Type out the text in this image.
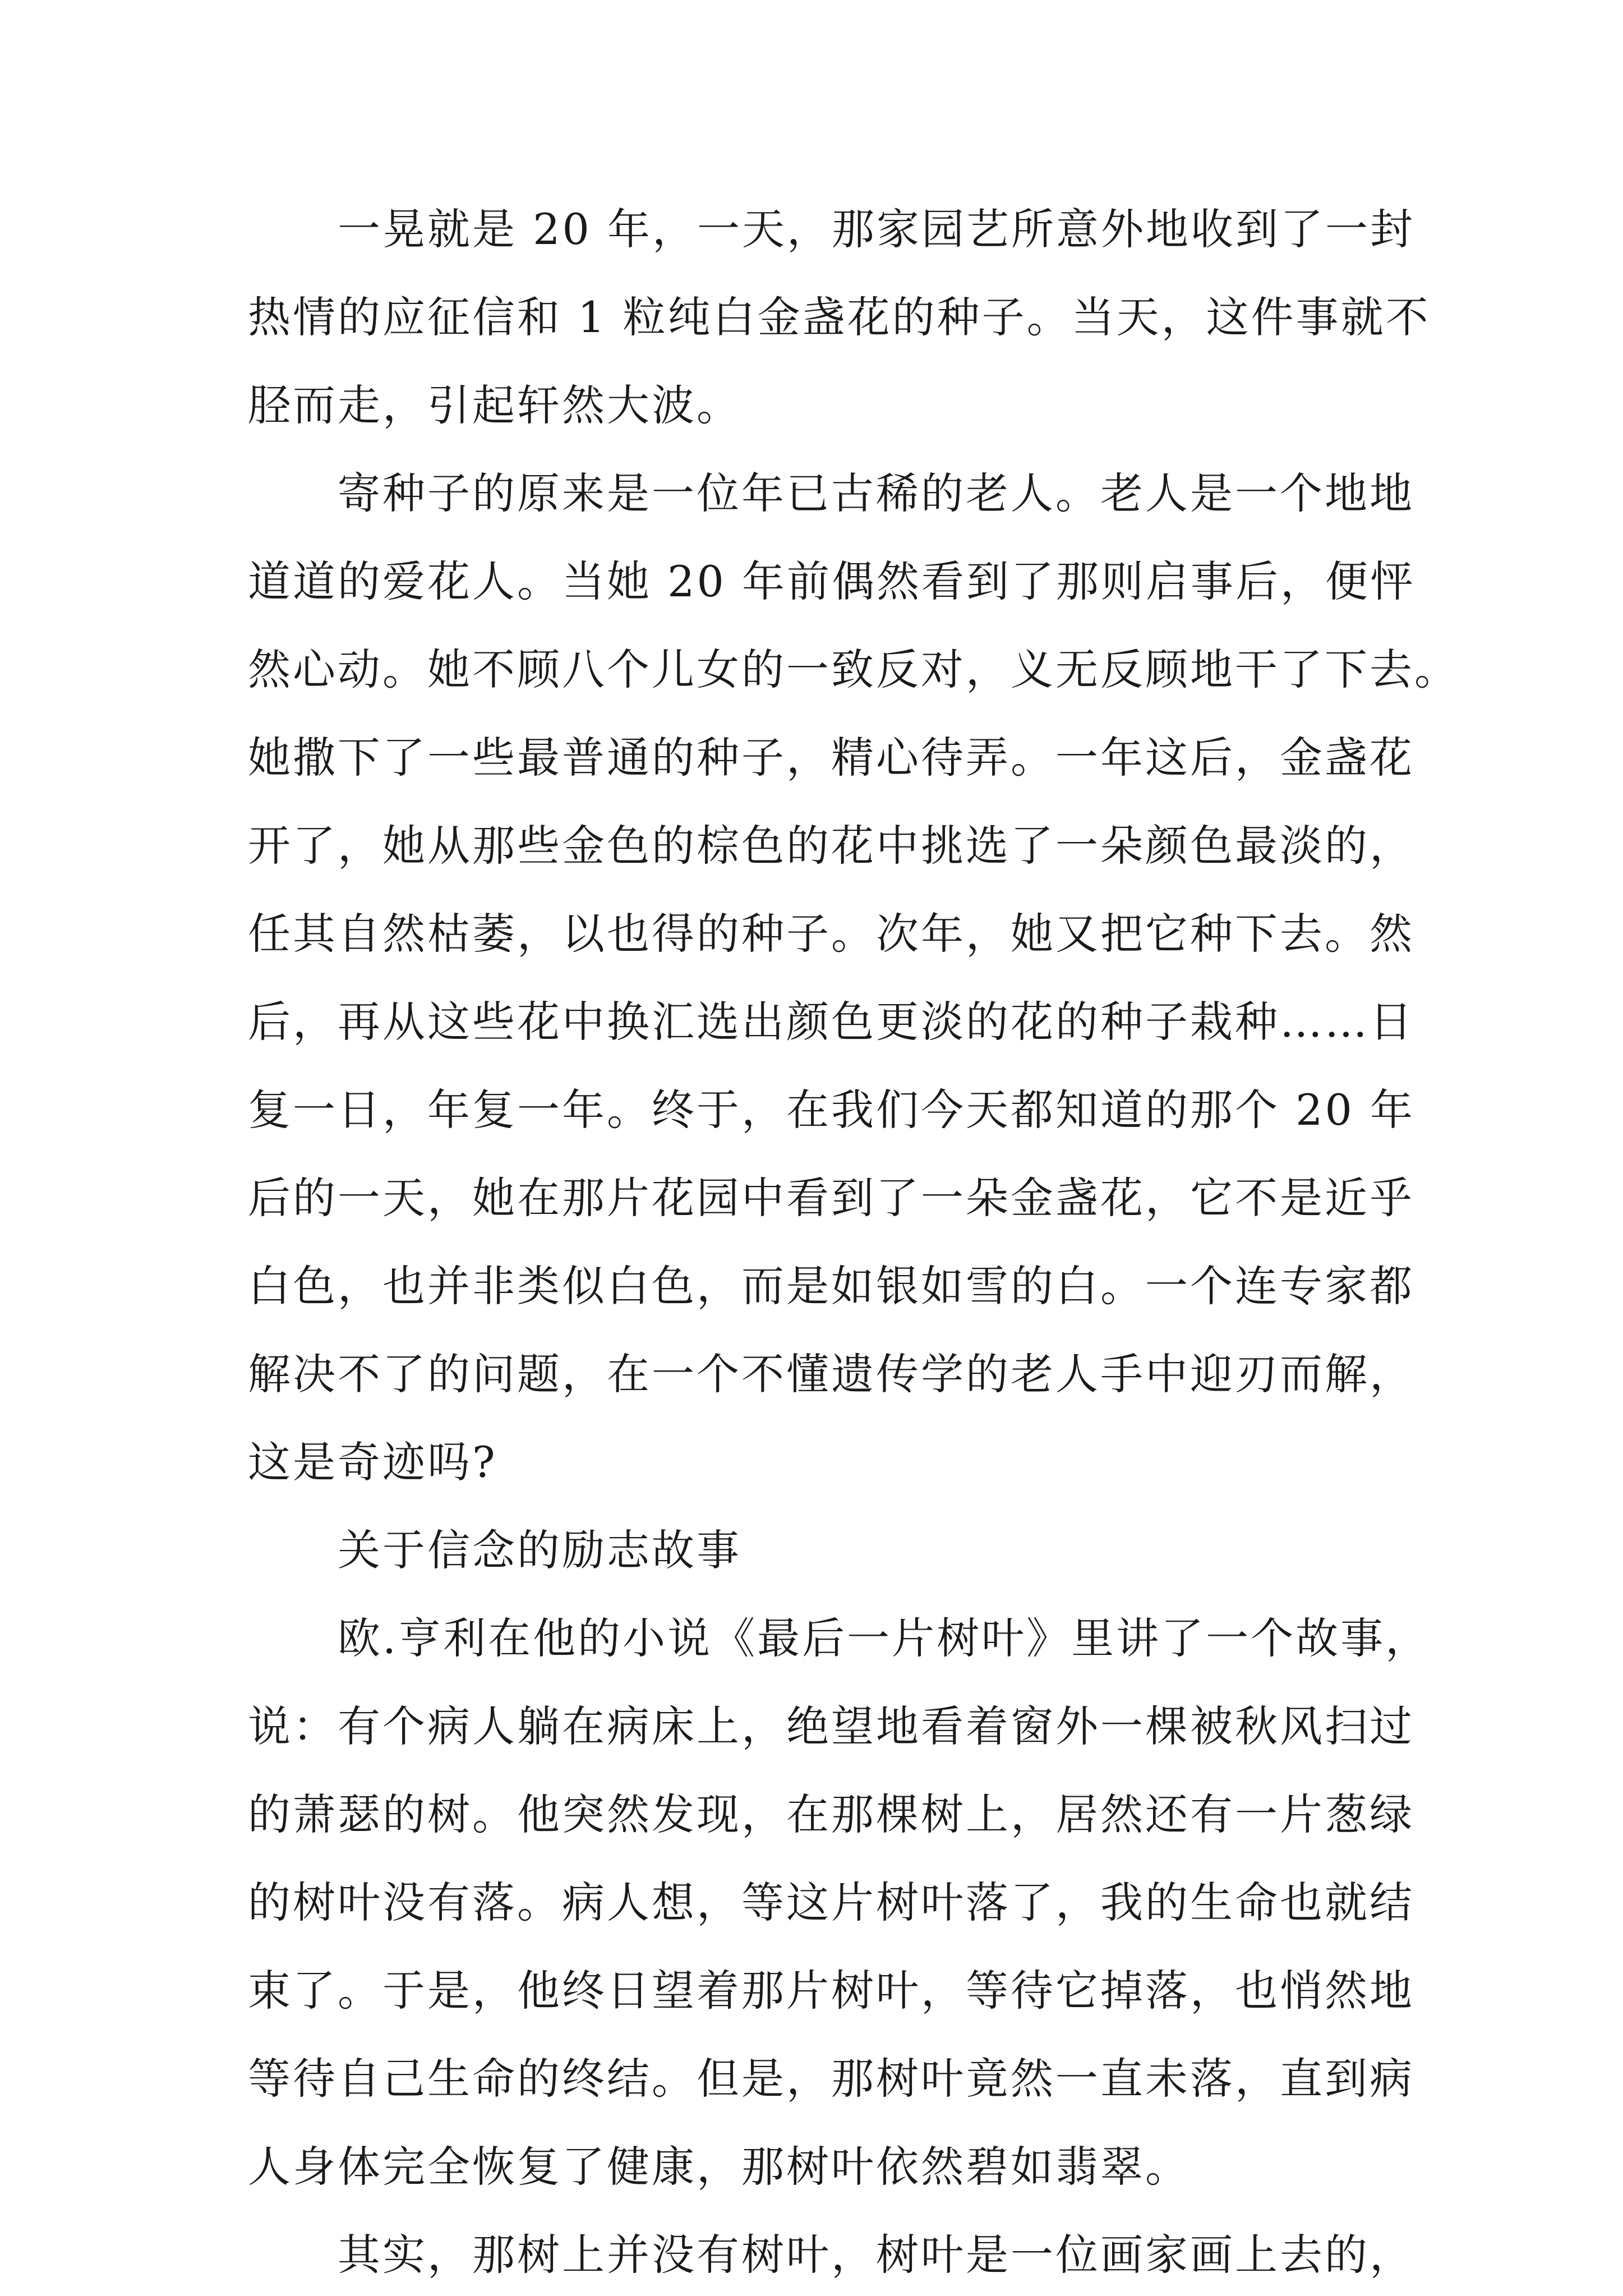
一晃就是 20 年，一天，那家园艺所意外地收到了一封
热情的应征信和 1 粒纯白金盏花的种子。当天，这件事就不
胫而走，引起轩然大波。
寄种子的原来是一位年已古稀的老人。老人是一个地地
道道的爱花人。当她 20 年前偶然看到了那则启事后，便怦
然心动。她不顾八个儿女的一致反对，义无反顾地干了下去。
她撒下了一些最普通的种子，精心待弄。一年这后，金盏花
开了，她从那些金色的棕色的花中挑选了一朵颜色最淡的，
任其自然枯萎，以也得的种子。次年，她又把它种下去。然
后，再从这些花中换汇选出颜色更淡的花的种子栽种……日
复一日，年复一年。终于，在我们今天都知道的那个 20 年
后的一天，她在那片花园中看到了一朵金盏花，它不是近乎
白色，也并非类似白色，而是如银如雪的白。一个连专家都
解决不了的问题，在一个不懂遗传学的老人手中迎刃而解，
这是奇迹吗?
关于信念的励志故事
欧.亨利在他的小说《最后一片树叶》里讲了一个故事，
说：有个病人躺在病床上，绝望地看着窗外一棵被秋风扫过
的萧瑟的树。他突然发现，在那棵树上，居然还有一片葱绿
的树叶没有落。病人想，等这片树叶落了，我的生命也就结
束了。于是，他终日望着那片树叶，等待它掉落，也悄然地
等待自己生命的终结。但是，那树叶竟然一直未落，直到病
人身体完全恢复了健康，那树叶依然碧如翡翠。
其实，那树上并没有树叶，树叶是一位画家画上去的，
